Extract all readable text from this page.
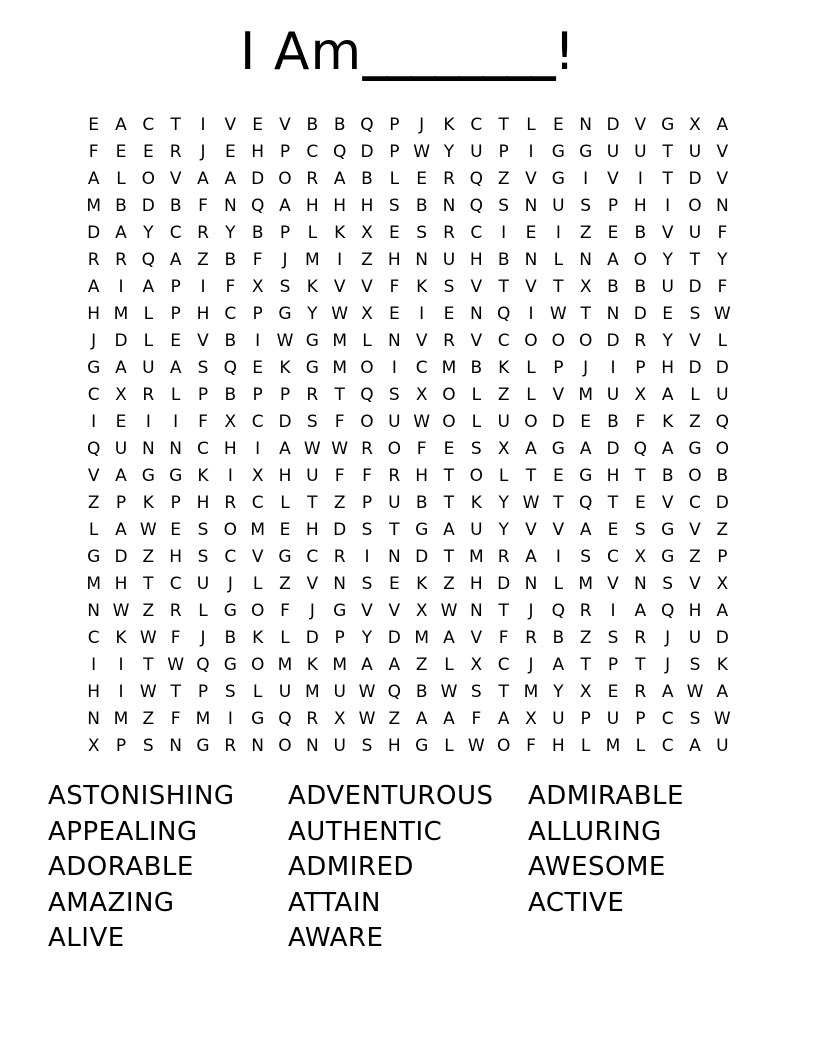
I Am________!
E A C T	I	V E V B B Q P	J	K C T	L	E N D V G X A
F	E E R	J	E H P C Q D P W Y U P	I	G G U U T U V
A L O V A A D O R A B L	E R Q Z V G	I	V	I	T D V
M B D B F N Q A H H H S B N Q S N U S P H	I	O N
D A Y C R Y B P	L	K X E S R C	I	E	I	Z E B V U F
R R Q A Z B F	J	M	I	Z H N U H B N L N A O Y T Y
A	I	A P	I	F X S K V V F K S V T V T X B B U D F
H M L	P H C P G Y W X E	I	E N Q	I W T N D E S W
J	D L	E V B	I W G M L N V R V C O O O D R Y V L
G A U A S Q E K G M O	I	C M B K	L	P	J	I	P H D D
C X R L	P B P	P R T Q S X O L Z L V M U X A L U
I	E	I	I	F X C D S	F O U W O L U O D E B F K Z Q
Q U N N C H	I	A W W R O F	E S X A G A D Q A G O
V A G G K	I	X H U F	F R H T O L	T E G H T B O B
Z P K P H R C L	T Z P U B T K Y W T Q T E V C D
L A W E S O M E H D S T G A U Y V V A E S G V Z
G D Z H S C V G C R	I	N D T M R A	I	S C X G Z P
M H T C U	J	L Z V N S E K Z H D N L M V N S V X
N W Z R L G O F	J	G V V X W N T	J	Q R	I	A Q H A
C K W F	J	B K	L D P	Y D M A V F R B Z S R	J	U D
I	I	T W Q G O M K M A A Z L X C	J	A T	P	T	J	S K
H	I W T	P S	L U M U W Q B W S T M Y X E R A W A
N M Z F M	I	G Q R X W Z A A F A X U P U P C S W
X P S N G R N O N U S H G L W O F H L M L C A U
ASTONISHING
APPEALING
ADORABLE
AMAZING
ALIVE
ADVENTUROUS
AUTHENTIC
ADMIRED
ATTAIN
AWARE
ADMIRABLE
ALLURING
AWESOME
ACTIVE
